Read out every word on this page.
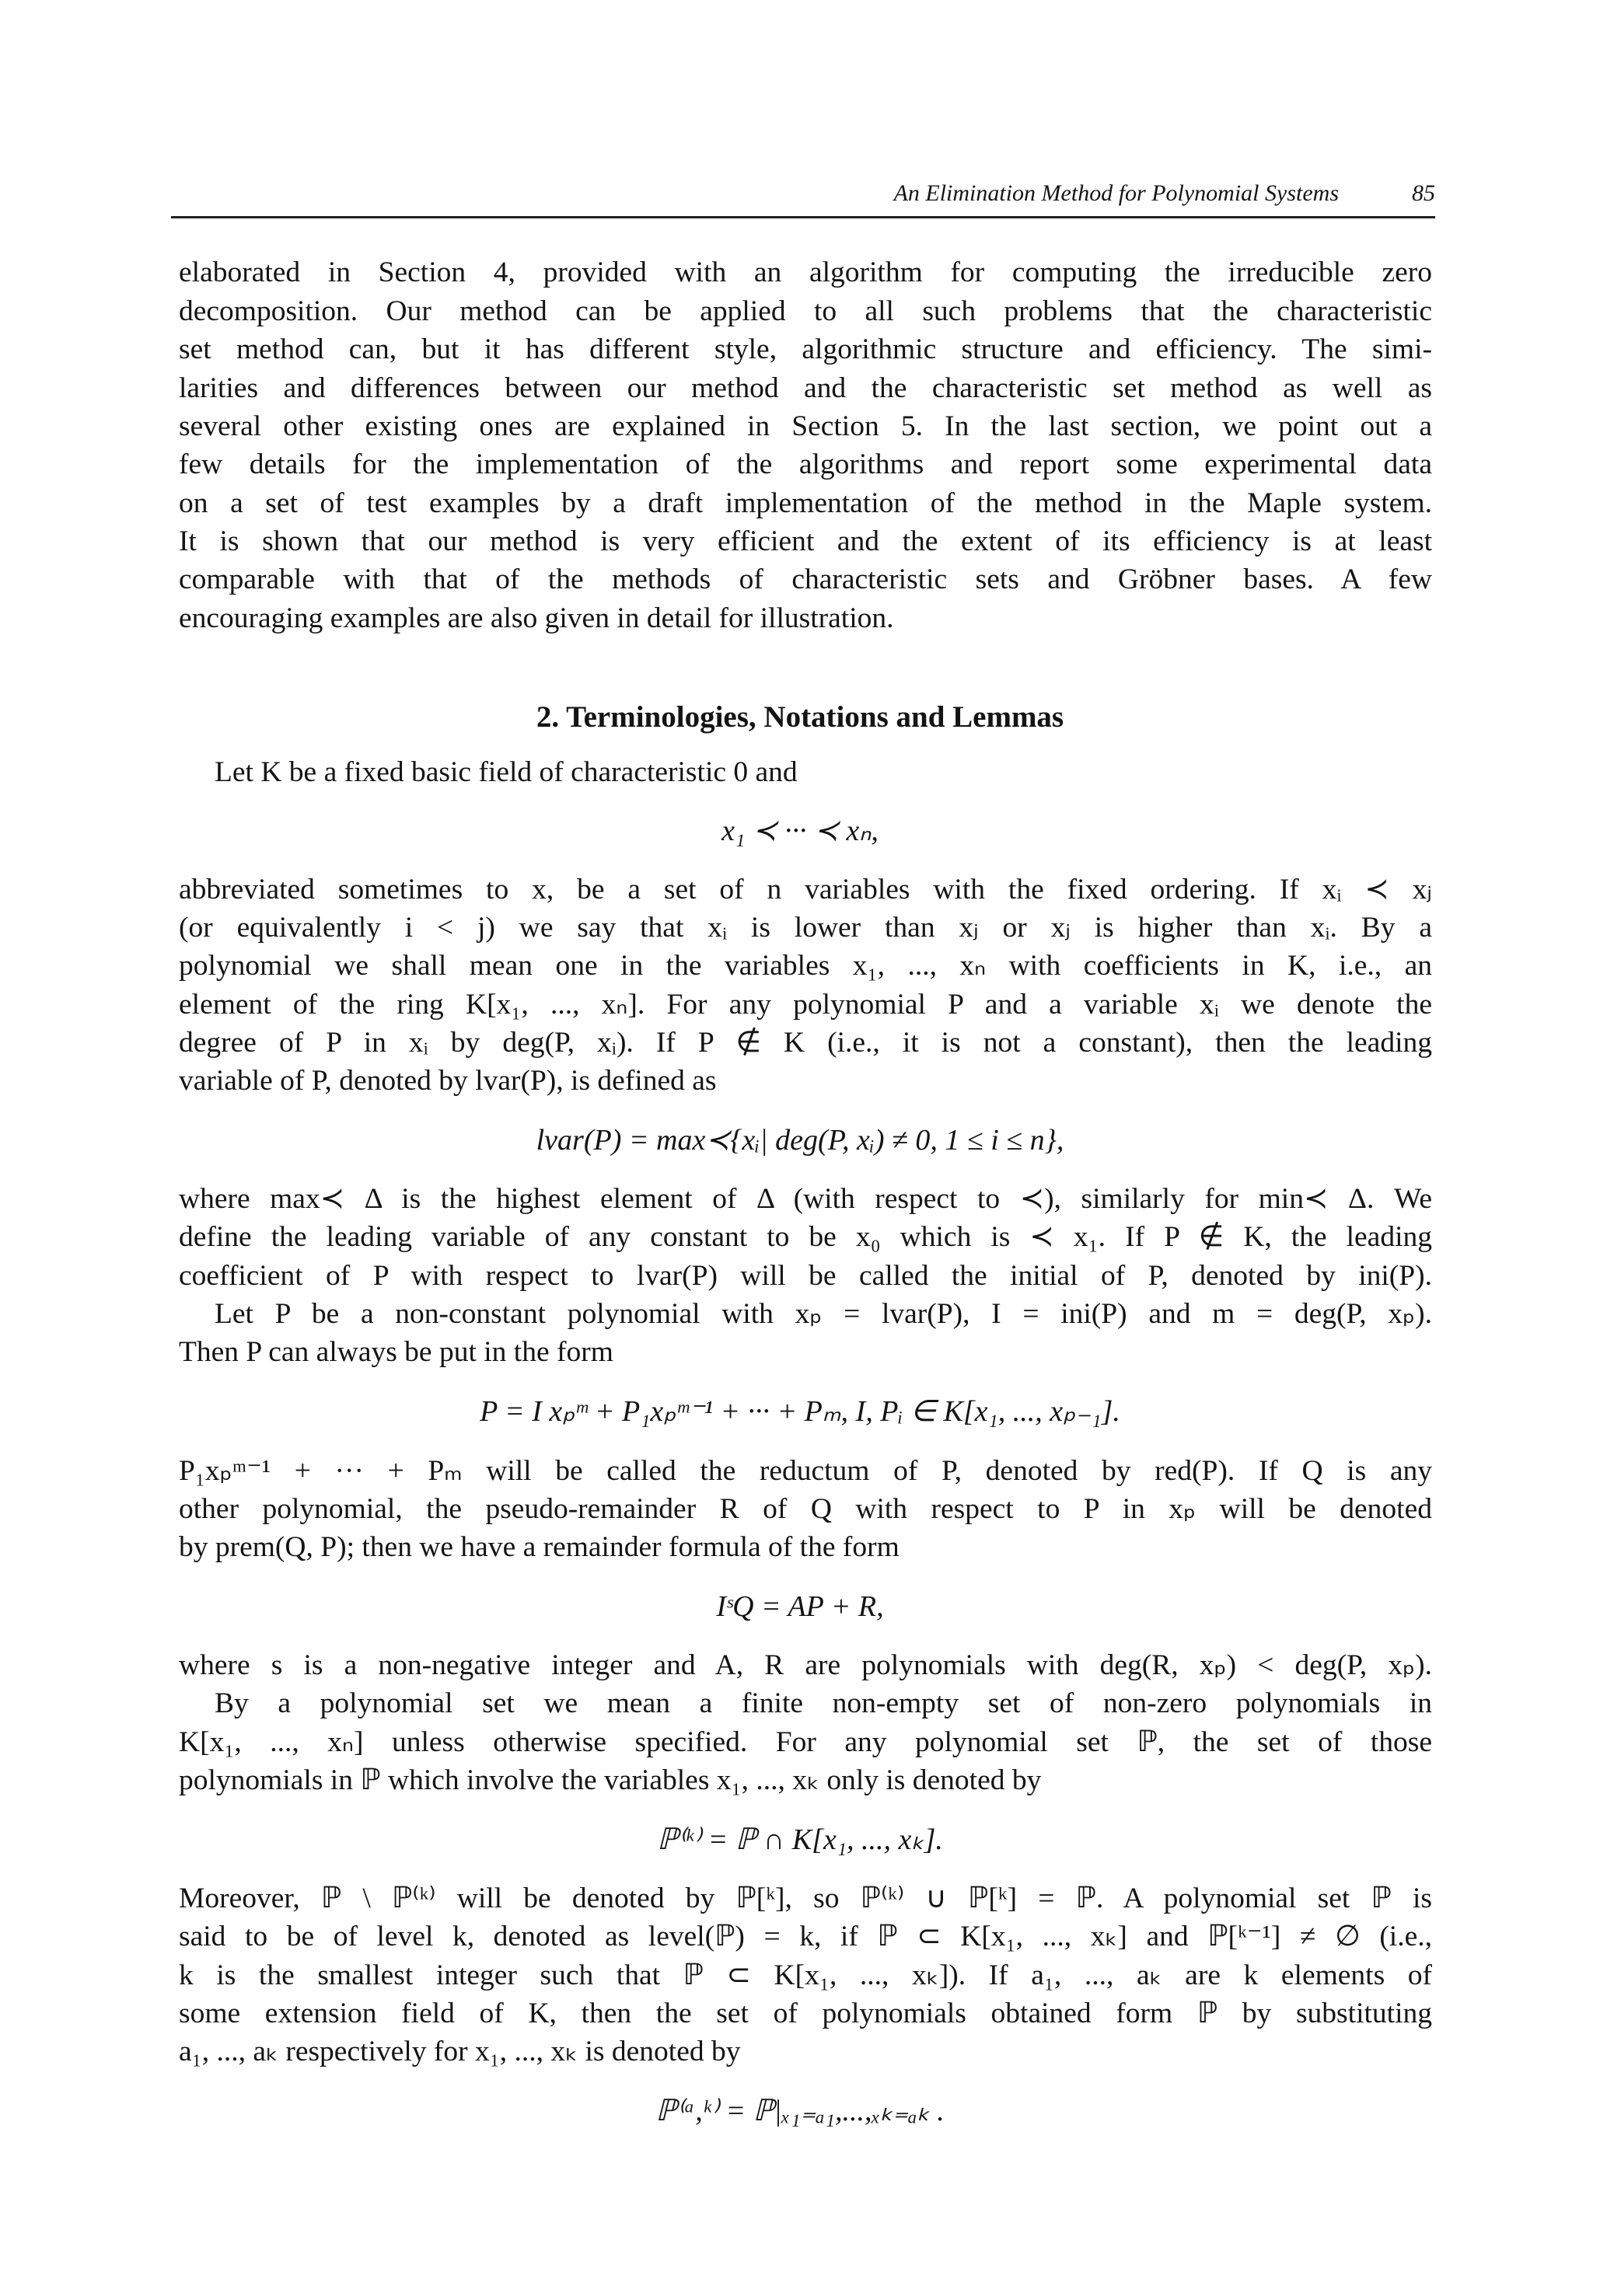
An Elimination Method for Polynomial Systems	85
elaborated in Section 4, provided with an algorithm for computing the irreducible zero
decomposition. Our method can be applied to all such problems that the characteristic
set method can, but it has different style, algorithmic structure and efficiency. The simi-
larities and differences between our method and the characteristic set method as well as
several other existing ones are explained in Section 5. In the last section, we point out a
few details for the implementation of the algorithms and report some experimental data
on a set of test examples by a draft implementation of the method in the Maple system.
It is shown that our method is very efficient and the extent of its efficiency is at least
comparable with that of the methods of characteristic sets and Gröbner bases. A few
encouraging examples are also given in detail for illustration.
2. Terminologies, Notations and Lemmas
Let K be a fixed basic field of characteristic 0 and
x₁ ≺ ··· ≺ xₙ,
abbreviated sometimes to x, be a set of n variables with the fixed ordering. If xᵢ ≺ xⱼ
(or equivalently i < j) we say that xᵢ is lower than xⱼ or xⱼ is higher than xᵢ. By a
polynomial we shall mean one in the variables x₁, ..., xₙ with coefficients in K, i.e., an
element of the ring K[x₁, ..., xₙ]. For any polynomial P and a variable xᵢ we denote the
degree of P in xᵢ by deg(P, xᵢ). If P ∉ K (i.e., it is not a constant), then the leading
variable of P, denoted by lvar(P), is defined as
lvar(P) = max≺{xᵢ| deg(P, xᵢ) ≠ 0, 1 ≤ i ≤ n},
where max≺ Δ is the highest element of Δ (with respect to ≺), similarly for min≺ Δ. We
define the leading variable of any constant to be x₀ which is ≺ x₁. If P ∉ K, the leading
coefficient of P with respect to lvar(P) will be called the initial of P, denoted by ini(P).
Let P be a non-constant polynomial with xₚ = lvar(P), I = ini(P) and m = deg(P, xₚ).
Then P can always be put in the form
P = I xₚᵐ + P₁xₚᵐ⁻¹ + ··· + Pₘ, I, Pᵢ ∈ K[x₁, ..., xₚ₋₁].
P₁xₚᵐ⁻¹ + ··· + Pₘ will be called the reductum of P, denoted by red(P). If Q is any
other polynomial, the pseudo-remainder R of Q with respect to P in xₚ will be denoted
by prem(Q, P); then we have a remainder formula of the form
IˢQ = AP + R,
where s is a non-negative integer and A, R are polynomials with deg(R, xₚ) < deg(P, xₚ).
By a polynomial set we mean a finite non-empty set of non-zero polynomials in
K[x₁, ..., xₙ] unless otherwise specified. For any polynomial set ℙ, the set of those
polynomials in ℙ which involve the variables x₁, ..., xₖ only is denoted by
ℙ⁽ᵏ⁾ = ℙ ∩ K[x₁, ..., xₖ].
Moreover, ℙ \ ℙ⁽ᵏ⁾ will be denoted by ℙ[ᵏ], so ℙ⁽ᵏ⁾ ∪ ℙ[ᵏ] = ℙ. A polynomial set ℙ is
said to be of level k, denoted as level(ℙ) = k, if ℙ ⊂ K[x₁, ..., xₖ] and ℙ[ᵏ⁻¹] ≠ ∅ (i.e.,
k is the smallest integer such that ℙ ⊂ K[x₁, ..., xₖ]). If a₁, ..., aₖ are k elements of
some extension field of K, then the set of polynomials obtained form ℙ by substituting
a₁, ..., aₖ respectively for x₁, ..., xₖ is denoted by
ℙ⁽ᵃ,ᵏ⁾ = ℙ|ₓ₁₌ₐ₁,...,ₓₖ₌ₐₖ .
